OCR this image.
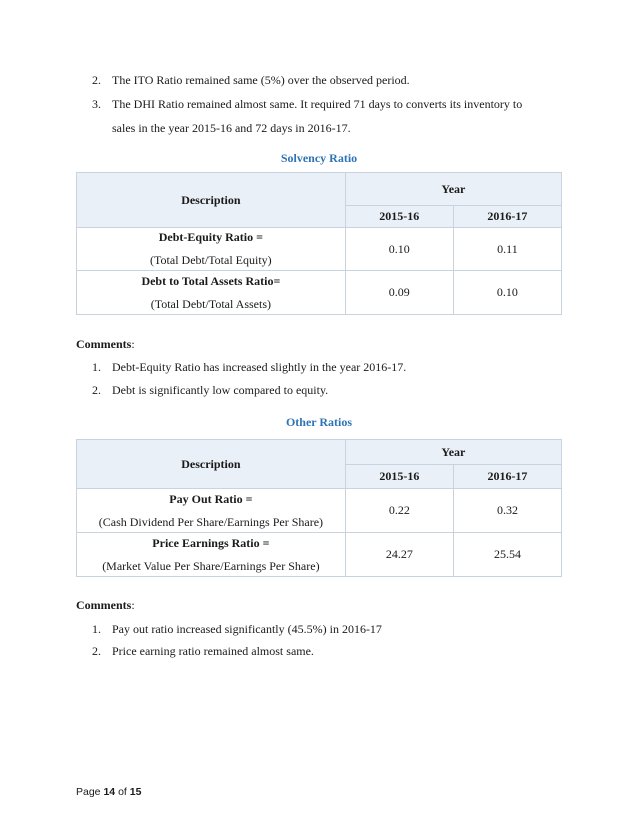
2. The ITO Ratio remained same (5%) over the observed period.
3. The DHI Ratio remained almost same. It required 71 days to converts its inventory to
sales in the year 2015-16 and 72 days in 2016-17.
Solvency Ratio
Description	Year	
	2015-16	2016-17

Debt-Equity Ratio =
(Total Debt/Total Equity)	0.10	0.11

Debt to Total Assets Ratio=
(Total Debt/Total Assets)	0.09	0.10
Comments:
1. Debt-Equity Ratio has increased slightly in the year 2016-17.
2. Debt is significantly low compared to equity.
Other Ratios
Description	Year	
	2015-16	2016-17

Pay Out Ratio =
(Cash Dividend Per Share/Earnings Per Share)	0.22	0.32

Price Earnings Ratio =
(Market Value Per Share/Earnings Per Share)	24.27	25.54
Comments:
1. Pay out ratio increased significantly (45.5%) in 2016-17
2. Price earning ratio remained almost same.
Page 14 of 15
